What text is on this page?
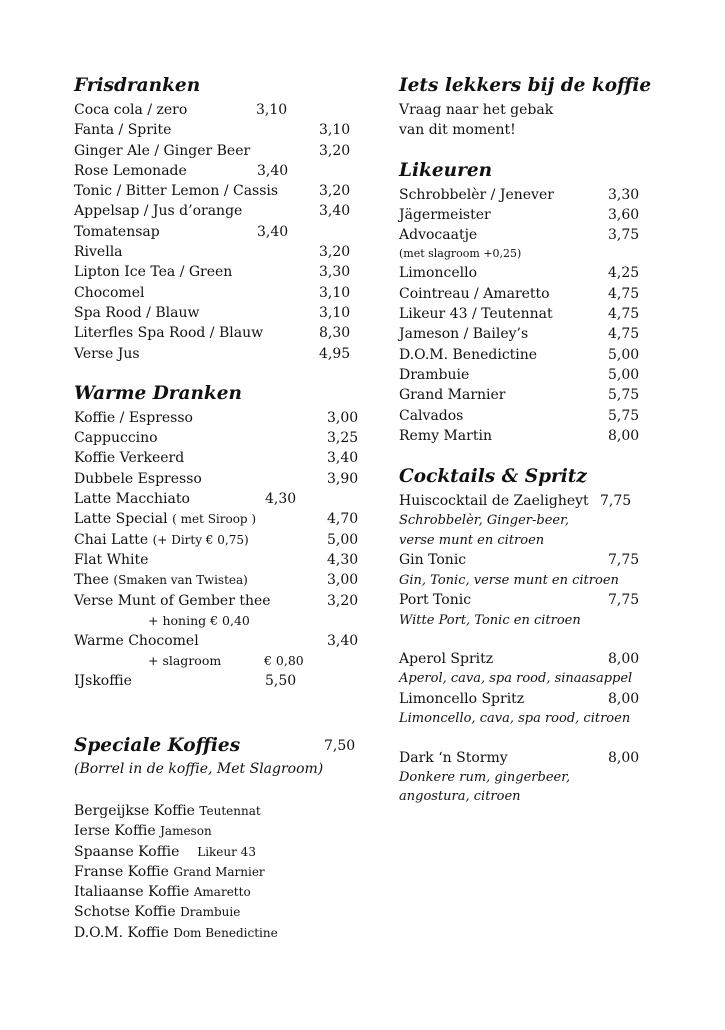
Frisdranken
Coca cola / zero	3,10
Fanta / Sprite	3,10
Ginger Ale / Ginger Beer	3,20
Rose Lemonade	3,40
Tonic / Bitter Lemon / Cassis	3,20
Appelsap / Jus d’orange	3,40
Tomatensap	3,40
Rivella	3,20
Lipton Ice Tea / Green	3,30
Chocomel	3,10
Spa Rood / Blauw	3,10
Literfles Spa Rood / Blauw	8,30
Verse Jus	4,95
Warme Dranken
Koffie / Espresso	3,00
Cappuccino	3,25
Koffie Verkeerd	3,40
Dubbele Espresso	3,90
Latte Macchiato	4,30
Latte Special ( met Siroop )	4,70
Chai Latte (+ Dirty € 0,75)	5,00
Flat White	4,30
Thee (Smaken van Twistea)	3,00
Verse Munt of Gember thee	3,20
+ honing € 0,40
Warme Chocomel	3,40
+ slagroom	€ 0,80
IJskoffie	5,50
Speciale Koffies	7,50
(Borrel in de koffie, Met Slagroom)
Bergeijkse Koffie Teutennat
Ierse Koffie Jameson
Spaanse Koffie Likeur 43
Franse Koffie Grand Marnier
Italiaanse Koffie Amaretto
Schotse Koffie Drambuie
D.O.M. Koffie Dom Benedictine
Iets lekkers bij de koffie
Vraag naar het gebak
van dit moment!
Likeuren
Schrobbelèr / Jenever	3,30
Jägermeister	3,60
Advocaatje	3,75
(met slagroom +0,25)
Limoncello	4,25
Cointreau / Amaretto	4,75
Likeur 43 / Teutennat	4,75
Jameson / Bailey’s	4,75
D.O.M. Benedictine	5,00
Drambuie	5,00
Grand Marnier	5,75
Calvados	5,75
Remy Martin	8,00
Cocktails & Spritz
Huiscocktail de Zaeligheyt 7,75
Schrobbelèr, Ginger-beer,
verse munt en citroen
Gin Tonic	7,75
Gin, Tonic, verse munt en citroen
Port Tonic	7,75
Witte Port, Tonic en citroen
Aperol Spritz	8,00
Aperol, cava, spa rood, sinaasappel
Limoncello Spritz	8,00
Limoncello, cava, spa rood, citroen
Dark ‘n Stormy	8,00
Donkere rum, gingerbeer,
angostura, citroen
